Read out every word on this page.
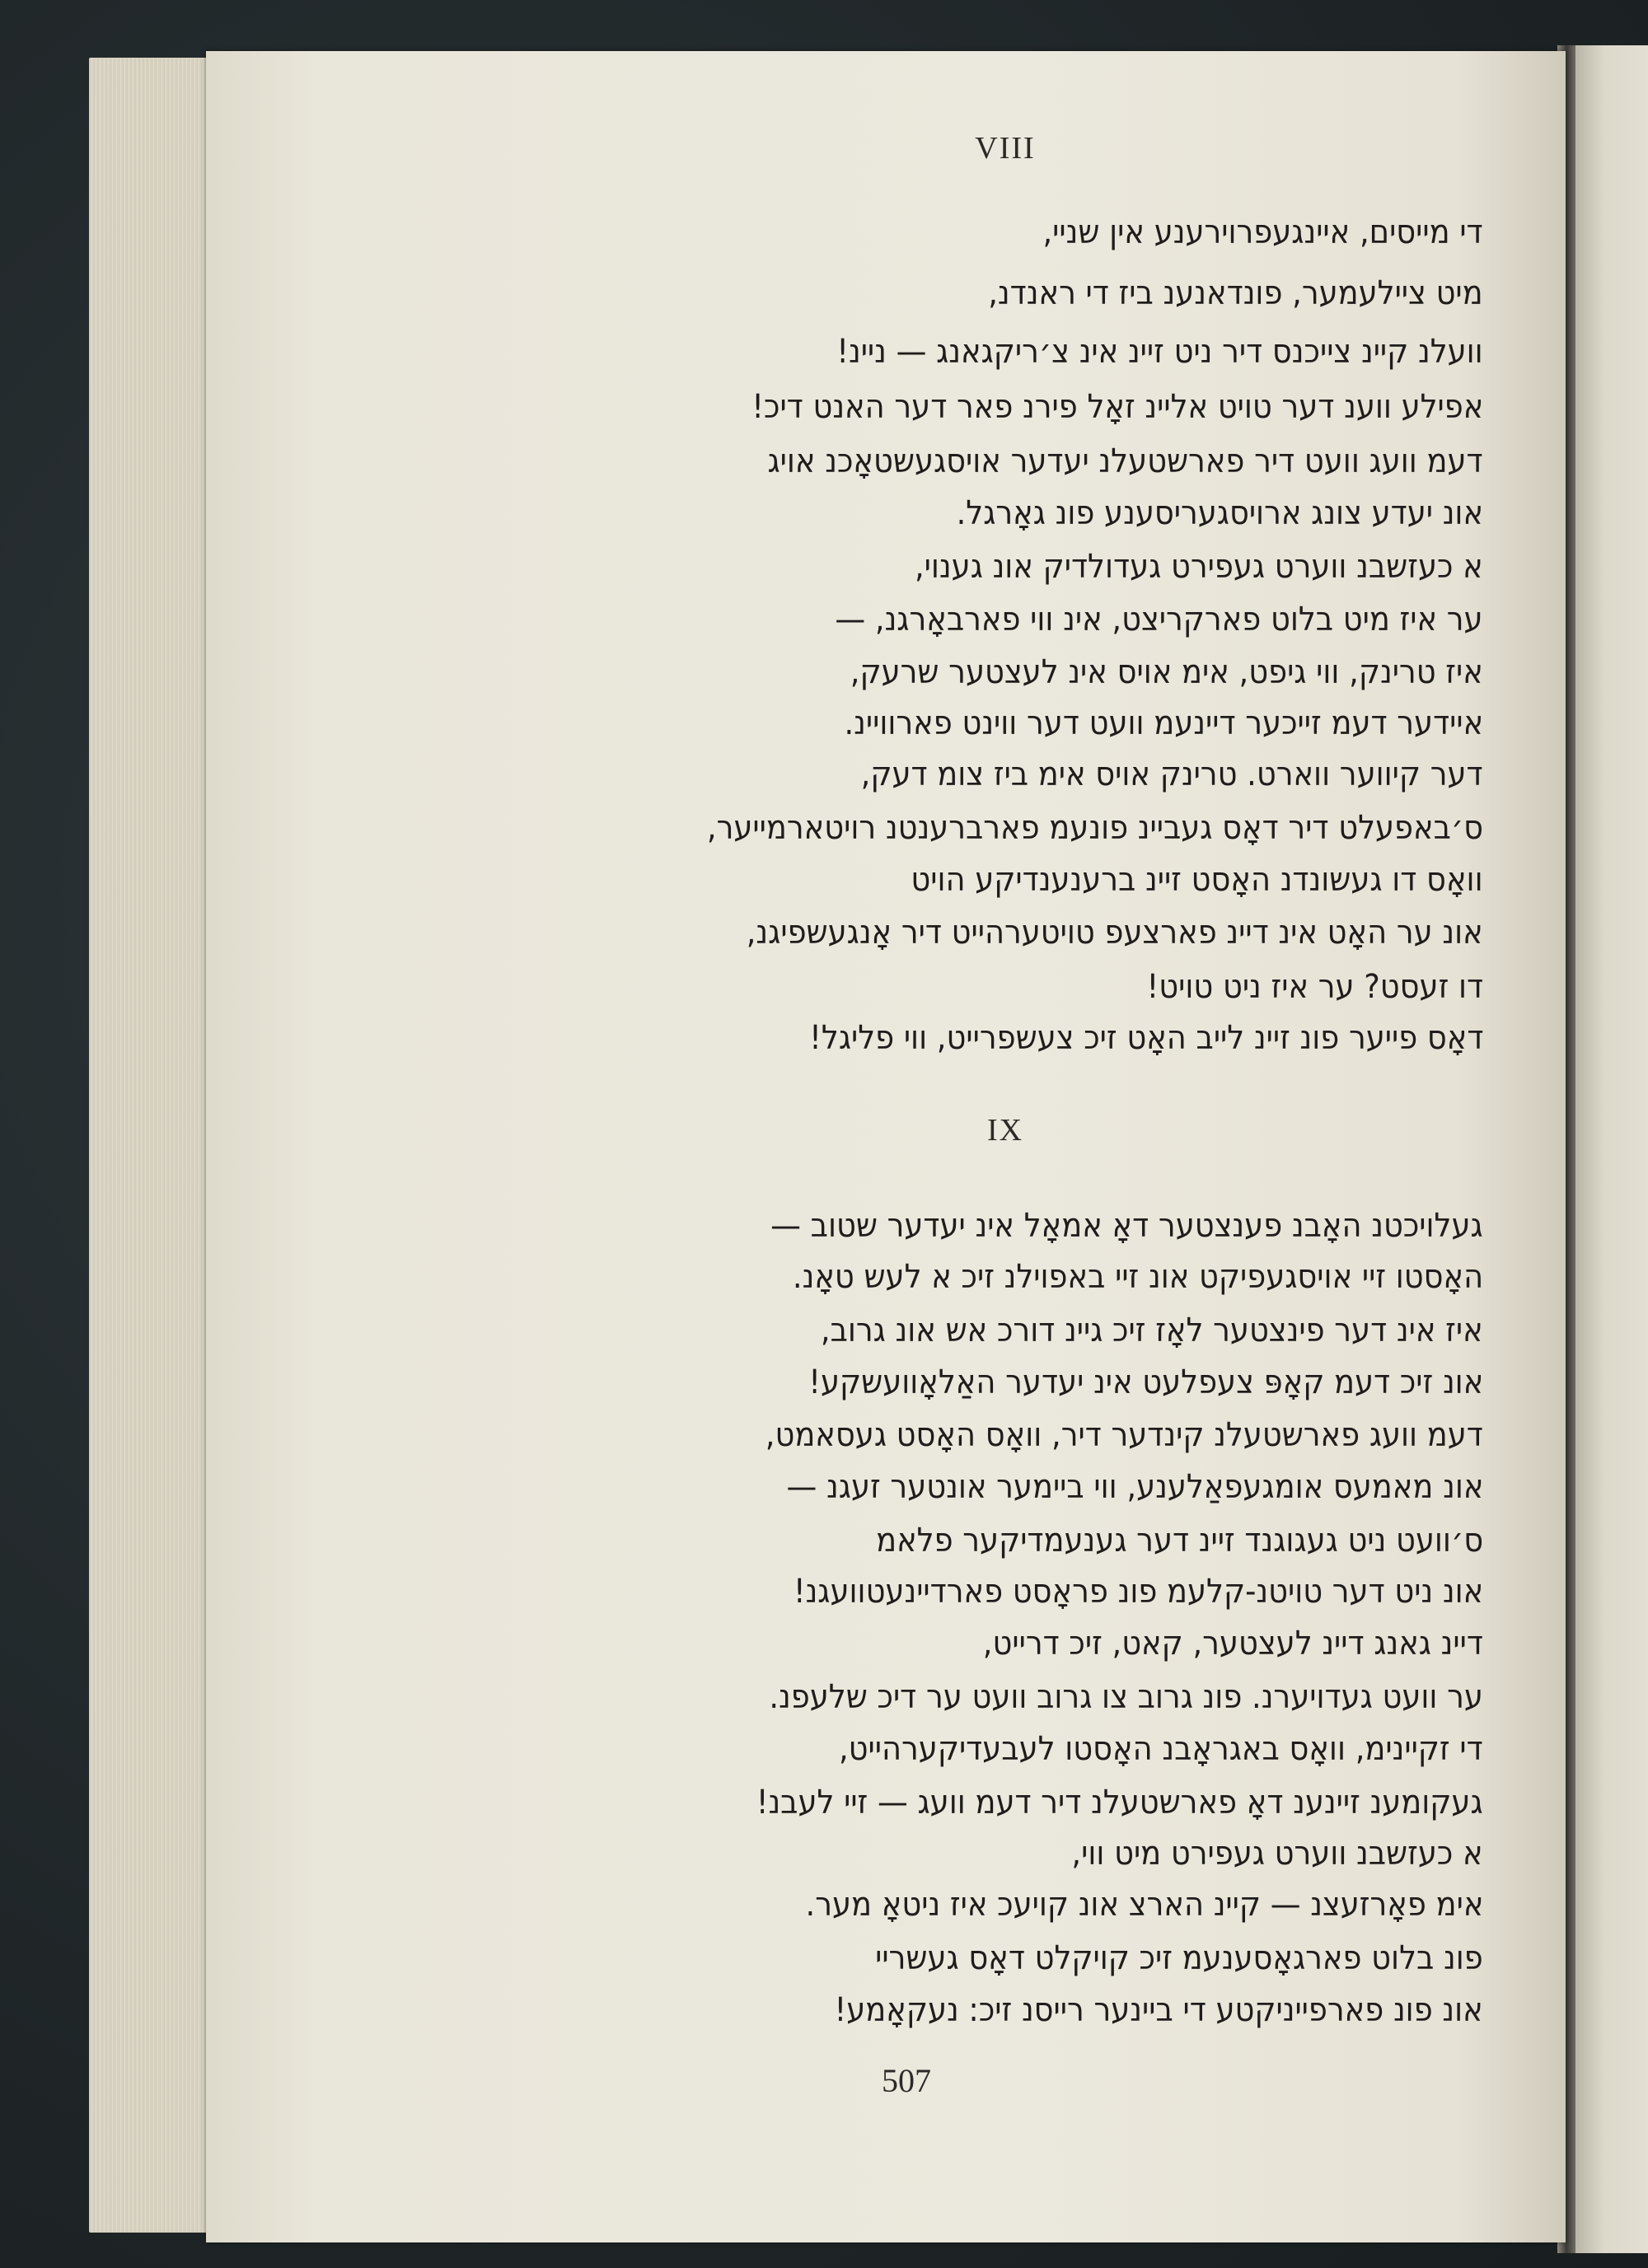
VIII
די מייסים, איינגעפרוירענע אין שניי,
מיט ציילעמער, פונדאנענ ביז די ראנדנ,
וועלנ קיינ צייכנס דיר ניט זיינ אינ צ׳ריקגאנג — ניינ!
אפילע ווענ דער טויט אליינ זאָל פירנ פאר דער האנט דיכ!
דעמ וועג וועט דיר פארשטעלנ יעדער אויסגעשטאָכנ אויג
אונ יעדע צונג ארויסגעריסענע פונ גאָרגל.
א כעזשבנ ווערט געפירט געדולדיק אונ גענוי,
ער איז מיט בלוט פארקריצט, אינ ווי פארבאָרגנ, —
איז טרינק, ווי גיפט, אימ אויס אינ לעצטער שרעק,
איידער דעמ זייכער דיינעמ וועט דער ווינט פארוויינ.
דער קיווער ווארט. טרינק אויס אימ ביז צומ דעק,
ס׳באפעלט דיר דאָס געביינ פונעמ פארברענטנ רויטארמייער,
וואָס דו געשונדנ האָסט זיינ ברענענדיקע הויט
אונ ער האָט אינ דיינ פארצעפ טויטערהייט דיר אָנגעשפיגנ,
דו זעסט? ער איז ניט טויט!
דאָס פייער פונ זיינ לייב האָט זיכ צעשפרייט, ווי פליגל!
IX
געלויכטנ האָבנ פענצטער דאָ אמאָל אינ יעדער שטוב —
האָסטו זיי אויסגעפיקט אונ זיי באפוילנ זיכ א לעש טאָנ.
איז אינ דער פינצטער לאָז זיכ גיינ דורכ אש אונ גרוב,
אונ זיכ דעמ קאָפּ צעפלעט אינ יעדער האַלאָוועשקע!
דעמ וועג פארשטעלנ קינדער דיר, וואָס האָסט געסאמט,
אונ מאמעס אומגעפאַלענע, ווי ביימער אונטער זעגנ —
ס׳וועט ניט געגוגנד זיינ דער גענעמדיקער פלאמ
אונ ניט דער טויטנ-קלעמ פונ פראָסט פארדיינעטוועגנ!
דיינ גאנג דיינ לעצטער, קאט, זיכ דרייט,
ער וועט געדויערנ. פונ גרוב צו גרוב וועט ער דיכ שלעפנ.
די זקיינימ, וואָס באגראָבנ האָסטו לעבעדיקערהייט,
געקומענ זיינענ דאָ פארשטעלנ דיר דעמ וועג — זיי לעבנ!
א כעזשבנ ווערט געפירט מיט ווי,
אימ פאָרזעצנ — קיינ הארצ אונ קויעכ איז ניטאָ מער.
פונ בלוט פארגאָסענעמ זיכ קויקלט דאָס געשריי
אונ פונ פארפייניקטע די ביינער רייסנ זיכ: נעקאָמע!
507
